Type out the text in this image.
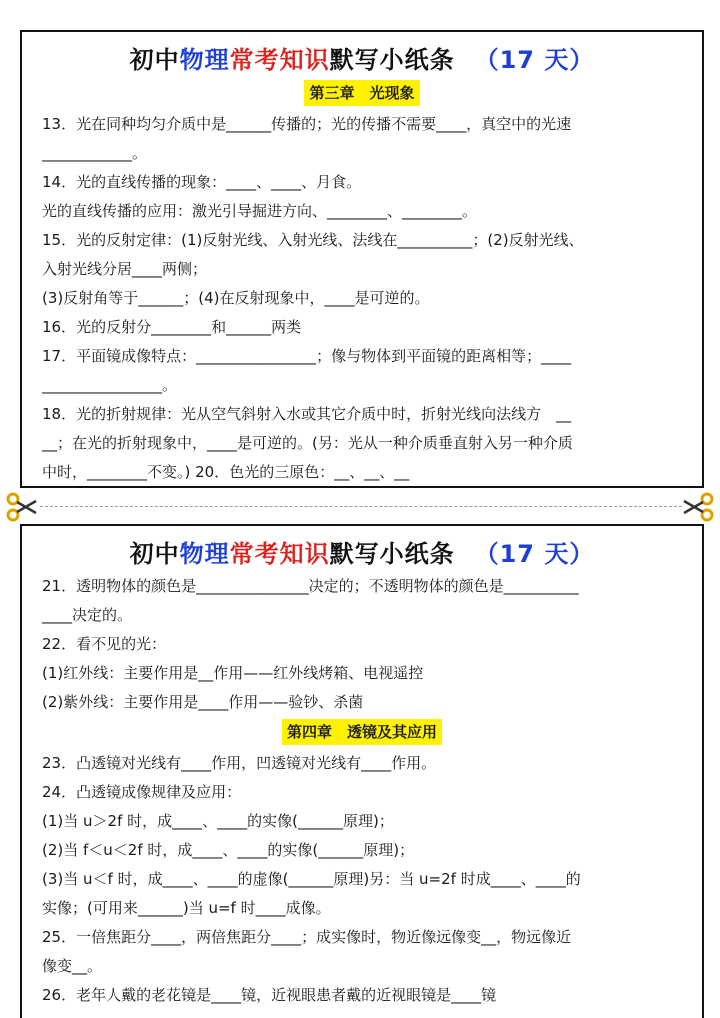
初中物理常考知识默写小纸条 （17 天）
第三章　光现象
13．光在同种均匀介质中是______传播的；光的传播不需要____，真空中的光速
____________。
14．光的直线传播的现象：____、____、月食。
光的直线传播的应用：激光引导掘进方向、________、________。
15．光的反射定律：(1)反射光线、入射光线、法线在__________；(2)反射光线、
入射光线分居____两侧；
(3)反射角等于______；(4)在反射现象中，____是可逆的。
16．光的反射分________和______两类
17．平面镜成像特点：________________；像与物体到平面镜的距离相等；____
________________。
18．光的折射规律：光从空气斜射入水或其它介质中时，折射光线向法线方　__
__；在光的折射现象中，____是可逆的。(另：光从一种介质垂直射入另一种介质
中时，________不变。) 20．色光的三原色：__、__、__
初中物理常考知识默写小纸条 （17 天）
21．透明物体的颜色是_______________决定的；不透明物体的颜色是__________
____决定的。
22．看不见的光：
(1)红外线：主要作用是__作用——红外线烤箱、电视遥控
(2)紫外线：主要作用是____作用——验钞、杀菌
第四章　透镜及其应用
23．凸透镜对光线有____作用，凹透镜对光线有____作用。
24．凸透镜成像规律及应用：
(1)当 u＞2f 时，成____、____的实像(______原理)；
(2)当 f＜u＜2f 时，成____、____的实像(______原理)；
(3)当 u＜f 时，成____、____的虚像(______原理)另：当 u=2f 时成____、____的
实像；(可用来______)当 u=f 时____成像。
25．一倍焦距分____，两倍焦距分____；成实像时，物近像远像变__，物远像近
像变__。
26．老年人戴的老花镜是____镜，近视眼患者戴的近视眼镜是____镜
